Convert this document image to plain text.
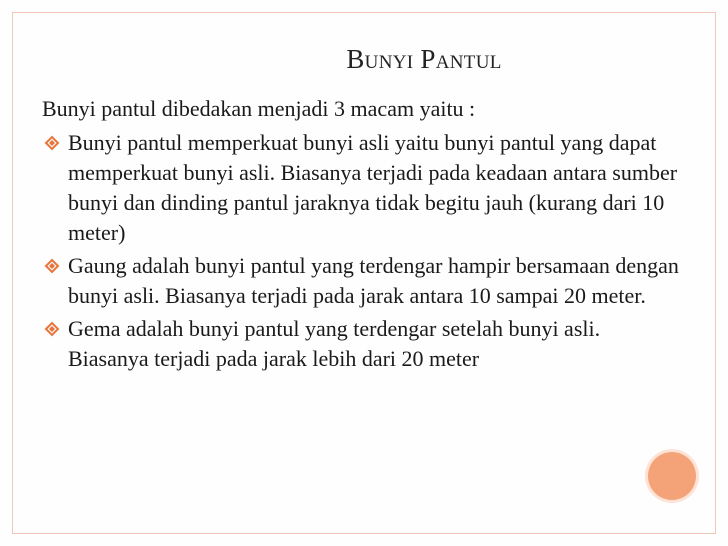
Bunyi Pantul

Bunyi pantul dibedakan menjadi 3 macam yaitu :

Bunyi pantul memperkuat bunyi asli yaitu bunyi pantul yang dapat memperkuat bunyi asli. Biasanya terjadi pada keadaan antara sumber bunyi dan dinding pantul jaraknya tidak begitu jauh (kurang dari 10 meter)
Gaung adalah bunyi pantul yang terdengar hampir bersamaan dengan bunyi asli. Biasanya terjadi pada jarak antara 10 sampai 20 meter.
Gema adalah bunyi pantul yang terdengar setelah bunyi asli. Biasanya terjadi pada jarak lebih dari 20 meter
